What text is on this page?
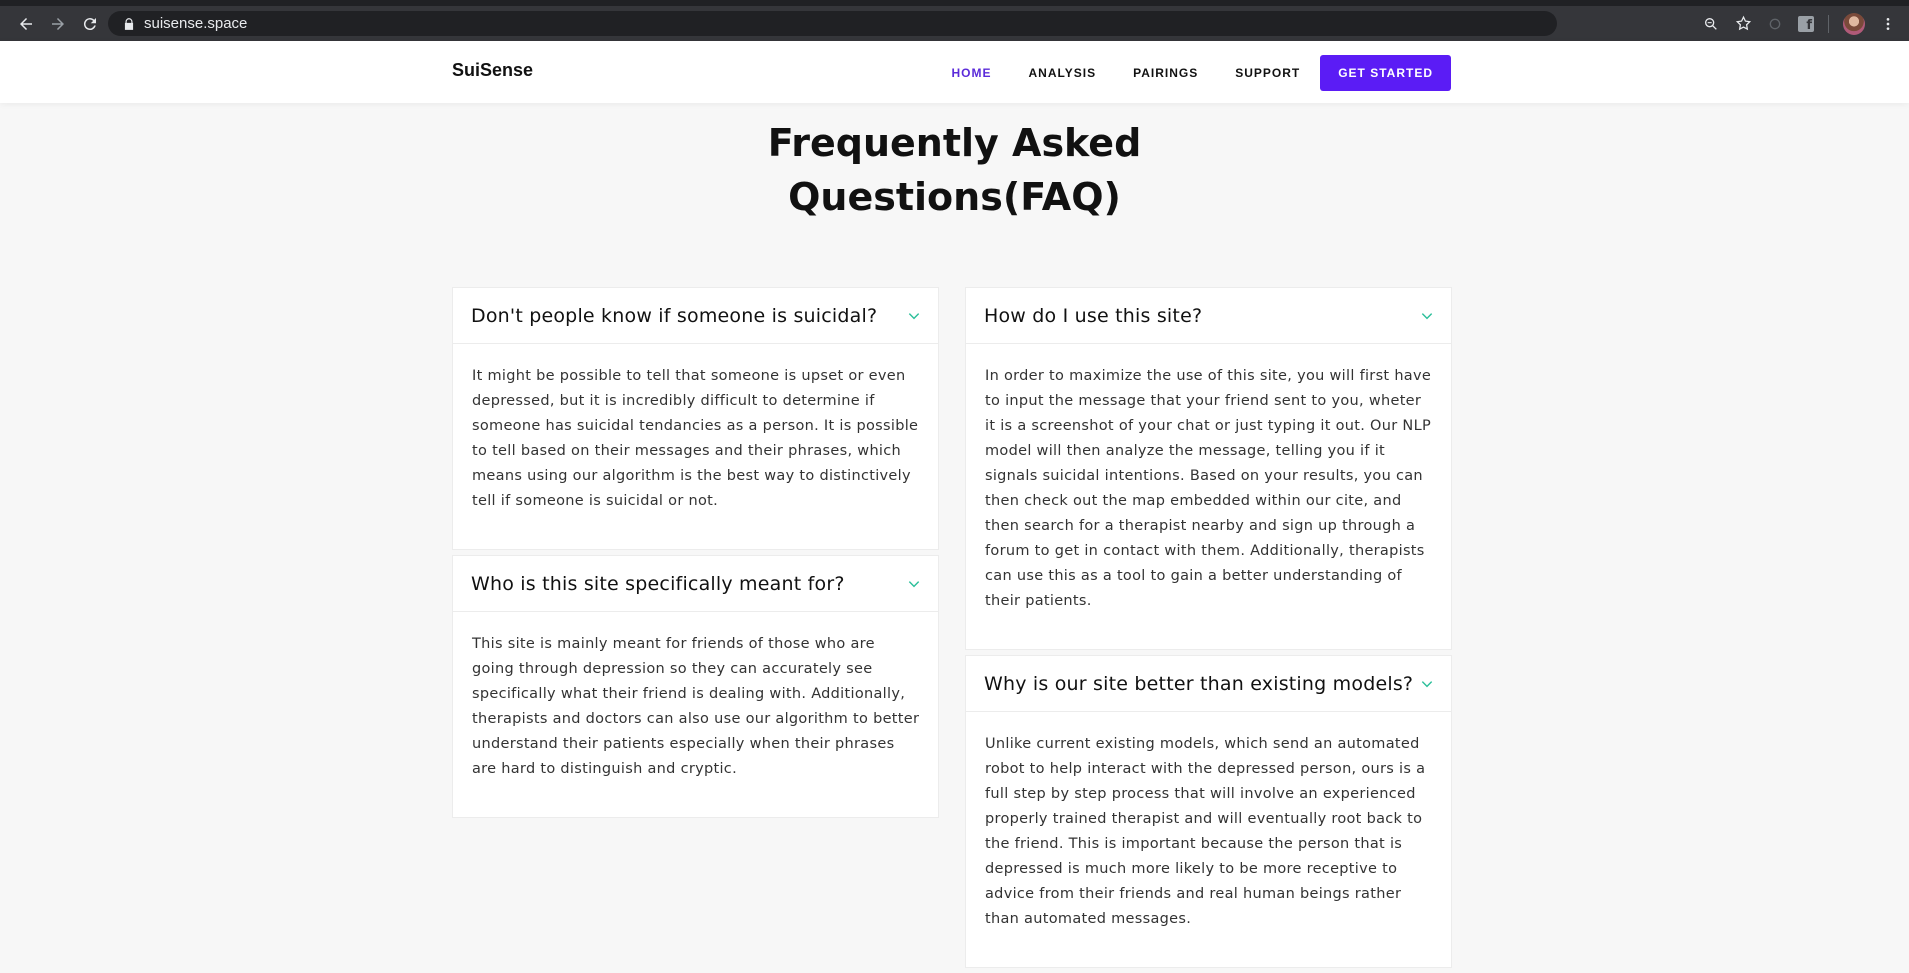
suisense.space
f
SuiSense	HOME	ANALYSIS	PAIRINGS	SUPPORT	GET STARTED
Frequently Asked
Questions(FAQ)
Don't people know if someone is suicidal?
It might be possible to tell that someone is upset or even depressed, but it is incredibly difficult to determine if someone has suicidal tendancies as a person. It is possible to tell based on their messages and their phrases, which means using our algorithm is the best way to distinctively tell if someone is suicidal or not.
Who is this site specifically meant for?
This site is mainly meant for friends of those who are going through depression so they can accurately see specifically what their friend is dealing with. Additionally, therapists and doctors can also use our algorithm to better understand their patients especially when their phrases are hard to distinguish and cryptic.
How do I use this site?
In order to maximize the use of this site, you will first have to input the message that your friend sent to you, wheter it is a screenshot of your chat or just typing it out. Our NLP model will then analyze the message, telling you if it signals suicidal intentions. Based on your results, you can then check out the map embedded within our cite, and then search for a therapist nearby and sign up through a forum to get in contact with them. Additionally, therapists can use this as a tool to gain a better understanding of their patients.
Why is our site better than existing models?
Unlike current existing models, which send an automated robot to help interact with the depressed person, ours is a full step by step process that will involve an experienced properly trained therapist and will eventually root back to the friend. This is important because the person that is depressed is much more likely to be more receptive to advice from their friends and real human beings rather than automated messages.
